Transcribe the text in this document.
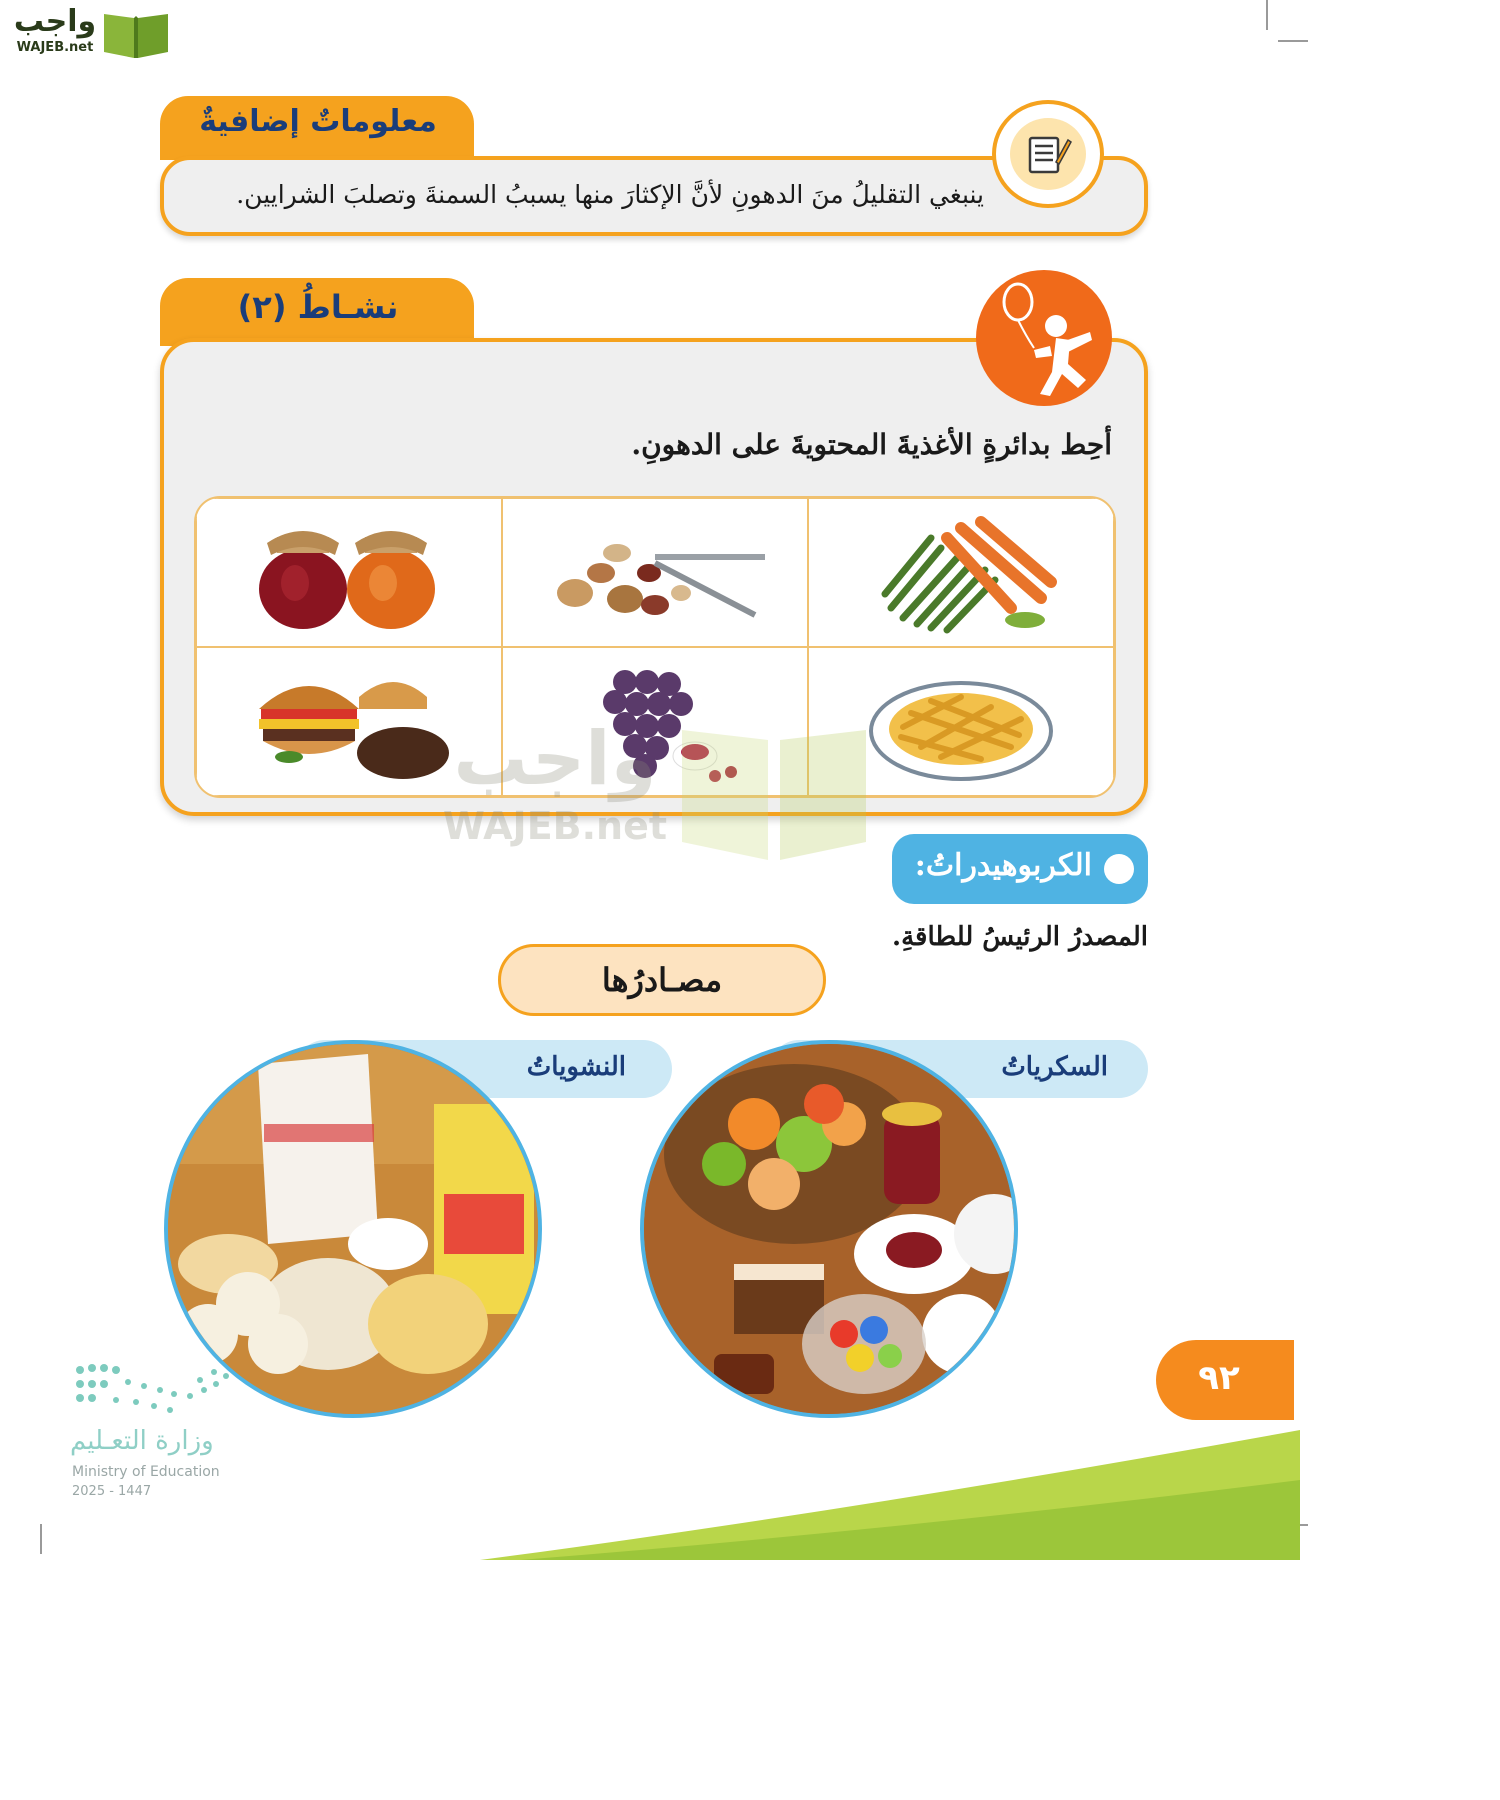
واجب
WAJEB.net
معلوماتٌ إضافيةٌ
ينبغي التقليلُ منَ الدهونِ لأنَّ الإكثارَ منها يسببُ السمنةَ وتصلبَ الشرايين.
نشـاطُ (٢)
أحِط بدائرةٍ الأغذيةَ المحتويةَ على الدهونِ.
واجب
WAJEB.net
الكربوهيدراتُ:
المصدرُ الرئيسُ للطاقةِ.
مصـادرُها
السكرياتُ
النشوياتُ
وزارة التعـليم
Ministry of Education
2025 - 1447
٩٢
